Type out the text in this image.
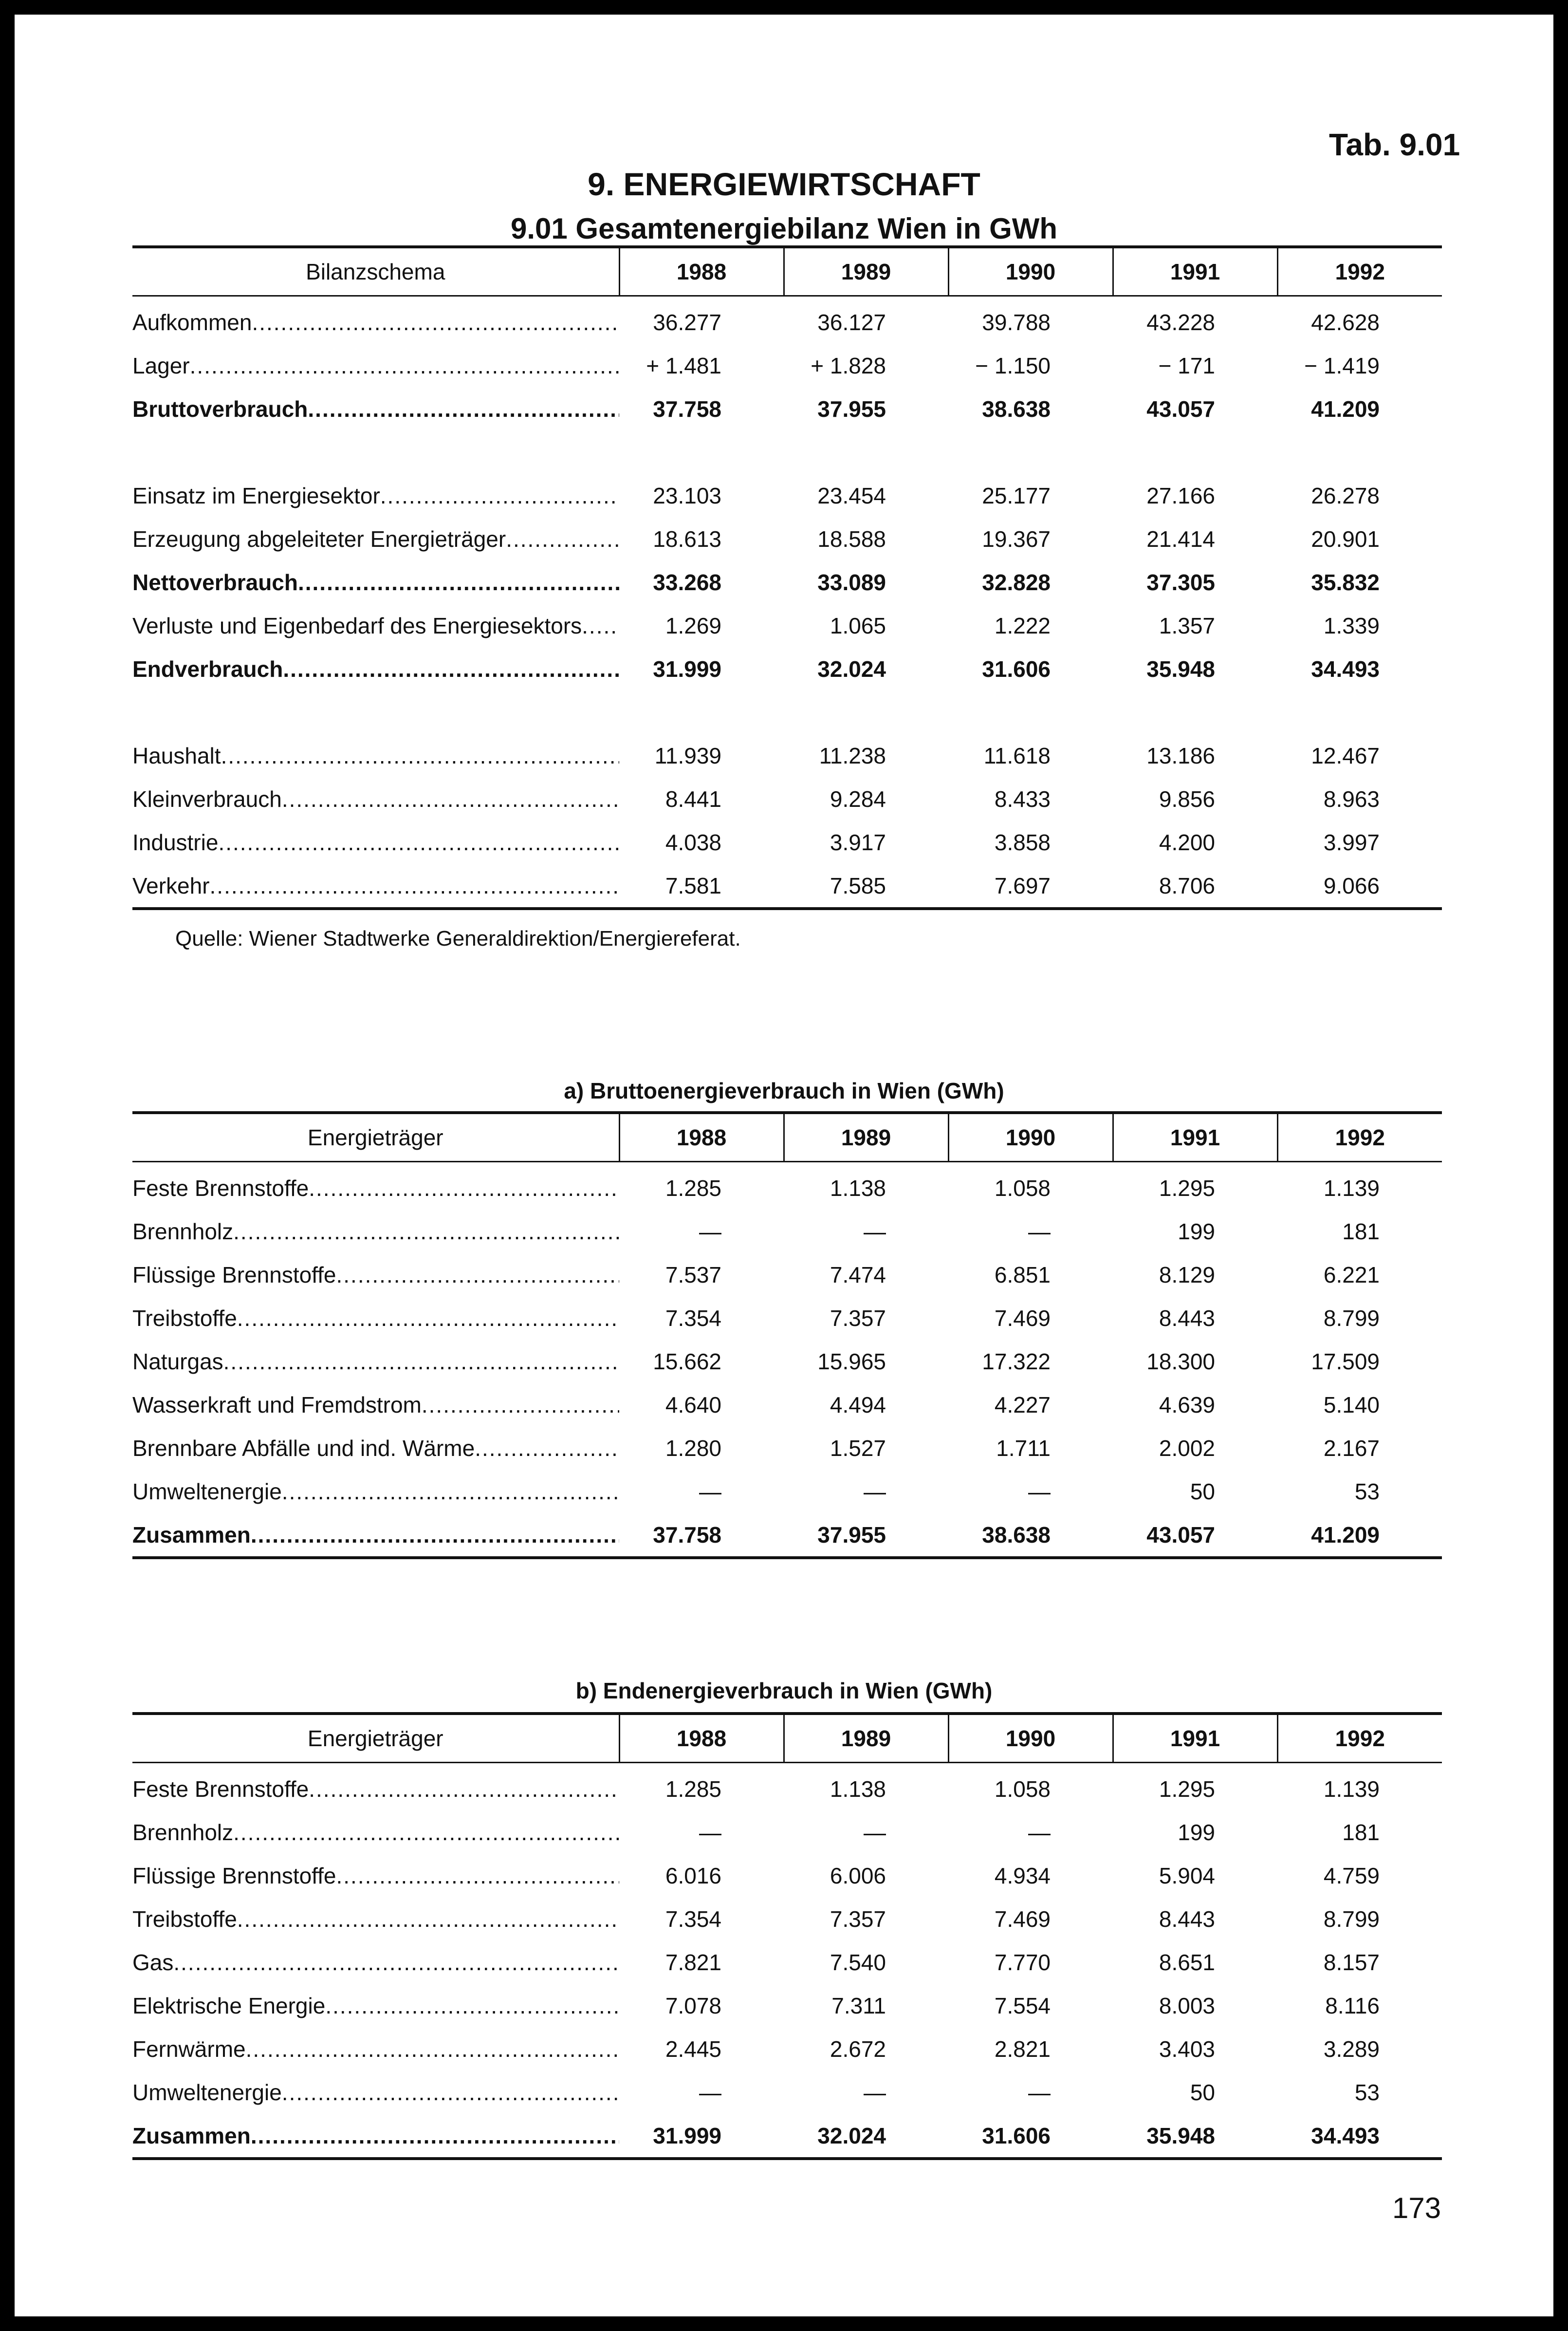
Tab. 9.01
9. ENERGIEWIRTSCHAFT
9.01 Gesamtenergiebilanz Wien in GWh
Bilanzschema	1988	1989	1990	1991	1992
Aufkommen .....	36.277	36.127	39.788	43.228	42.628
Lager .....	+ 1.481	+ 1.828	− 1.150	− 171	− 1.419
Bruttoverbrauch .....	37.758	37.955	38.638	43.057	41.209

Einsatz im Energiesektor .....	23.103	23.454	25.177	27.166	26.278
Erzeugung abgeleiteter Energieträger .....	18.613	18.588	19.367	21.414	20.901
Nettoverbrauch .....	33.268	33.089	32.828	37.305	35.832
Verluste und Eigenbedarf des Energiesektors .....	1.269	1.065	1.222	1.357	1.339
Endverbrauch .....	31.999	32.024	31.606	35.948	34.493

Haushalt .....	11.939	11.238	11.618	13.186	12.467
Kleinverbrauch .....	8.441	9.284	8.433	9.856	8.963
Industrie .....	4.038	3.917	3.858	4.200	3.997
Verkehr .....	7.581	7.585	7.697	8.706	9.066
Quelle: Wiener Stadtwerke Generaldirektion/Energiereferat.
a) Bruttoenergieverbrauch in Wien (GWh)
Energieträger	1988	1989	1990	1991	1992
Feste Brennstoffe .....	1.285	1.138	1.058	1.295	1.139
Brennholz .....	—	—	—	199	181
Flüssige Brennstoffe .....	7.537	7.474	6.851	8.129	6.221
Treibstoffe .....	7.354	7.357	7.469	8.443	8.799
Naturgas .....	15.662	15.965	17.322	18.300	17.509
Wasserkraft und Fremdstrom .....	4.640	4.494	4.227	4.639	5.140
Brennbare Abfälle und ind. Wärme .....	1.280	1.527	1.711	2.002	2.167
Umweltenergie .....	—	—	—	50	53
Zusammen .....	37.758	37.955	38.638	43.057	41.209
b) Endenergieverbrauch in Wien (GWh)
Energieträger	1988	1989	1990	1991	1992
Feste Brennstoffe .....	1.285	1.138	1.058	1.295	1.139
Brennholz .....	—	—	—	199	181
Flüssige Brennstoffe .....	6.016	6.006	4.934	5.904	4.759
Treibstoffe .....	7.354	7.357	7.469	8.443	8.799
Gas .....	7.821	7.540	7.770	8.651	8.157
Elektrische Energie .....	7.078	7.311	7.554	8.003	8.116
Fernwärme .....	2.445	2.672	2.821	3.403	3.289
Umweltenergie .....	—	—	—	50	53
Zusammen .....	31.999	32.024	31.606	35.948	34.493
173
